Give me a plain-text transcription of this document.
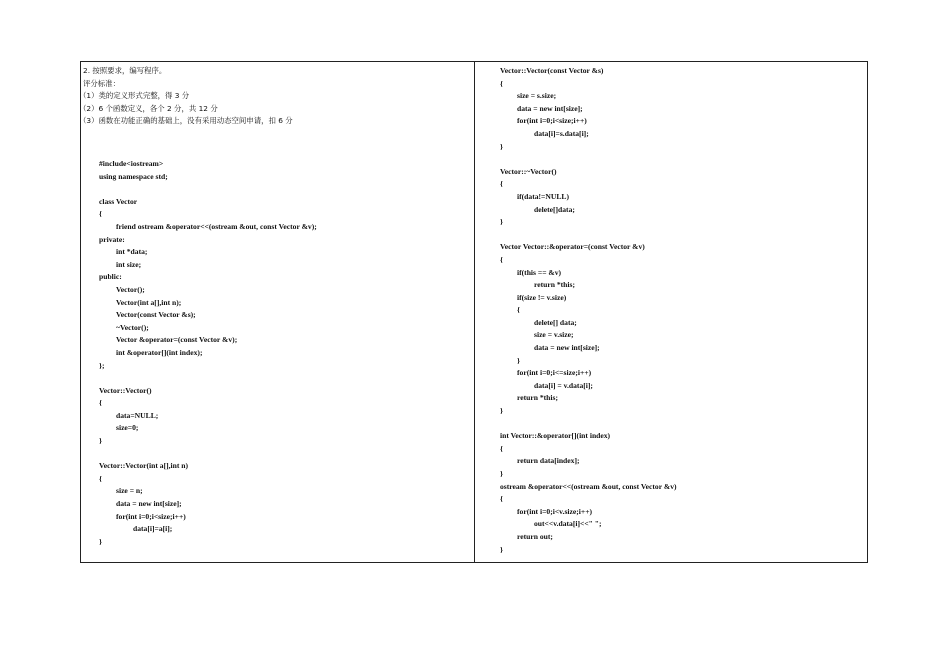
2. 按照要求，编写程序。
评分标准：
（1）类的定义形式完整，得 3 分
（2）6 个函数定义，各个 2 分，共 12 分
（3）函数在功能正确的基础上，没有采用动态空间申请，扣 6 分
#include<iostream>
using namespace std;
class Vector
{
friend ostream &operator<<(ostream &out, const Vector &v);
private:
int *data;
int size;
public:
Vector();
Vector(int a[],int n);
Vector(const Vector &s);
~Vector();
Vector &operator=(const Vector &v);
int &operator[](int index);
};
Vector::Vector()
{
data=NULL;
size=0;
}
Vector::Vector(int a[],int n)
{
size = n;
data = new int[size];
for(int i=0;i<size;i++)
data[i]=a[i];
}
Vector::Vector(const Vector &s)
{
size = s.size;
data = new int[size];
for(int i=0;i<size;i++)
data[i]=s.data[i];
}
Vector::~Vector()
{
if(data!=NULL)
delete[]data;
}
Vector Vector::&operator=(const Vector &v)
{
if(this == &v)
return *this;
if(size != v.size)
{
delete[] data;
size = v.size;
data = new int[size];
}
for(int i=0;i<=size;i++)
data[i] = v.data[i];
return *this;
}
int Vector::&operator[](int index)
{
return data[index];
}
ostream &operator<<(ostream &out, const Vector &v)
{
for(int i=0;i<v.size;i++)
out<<v.data[i]<<" ";
return out;
}
